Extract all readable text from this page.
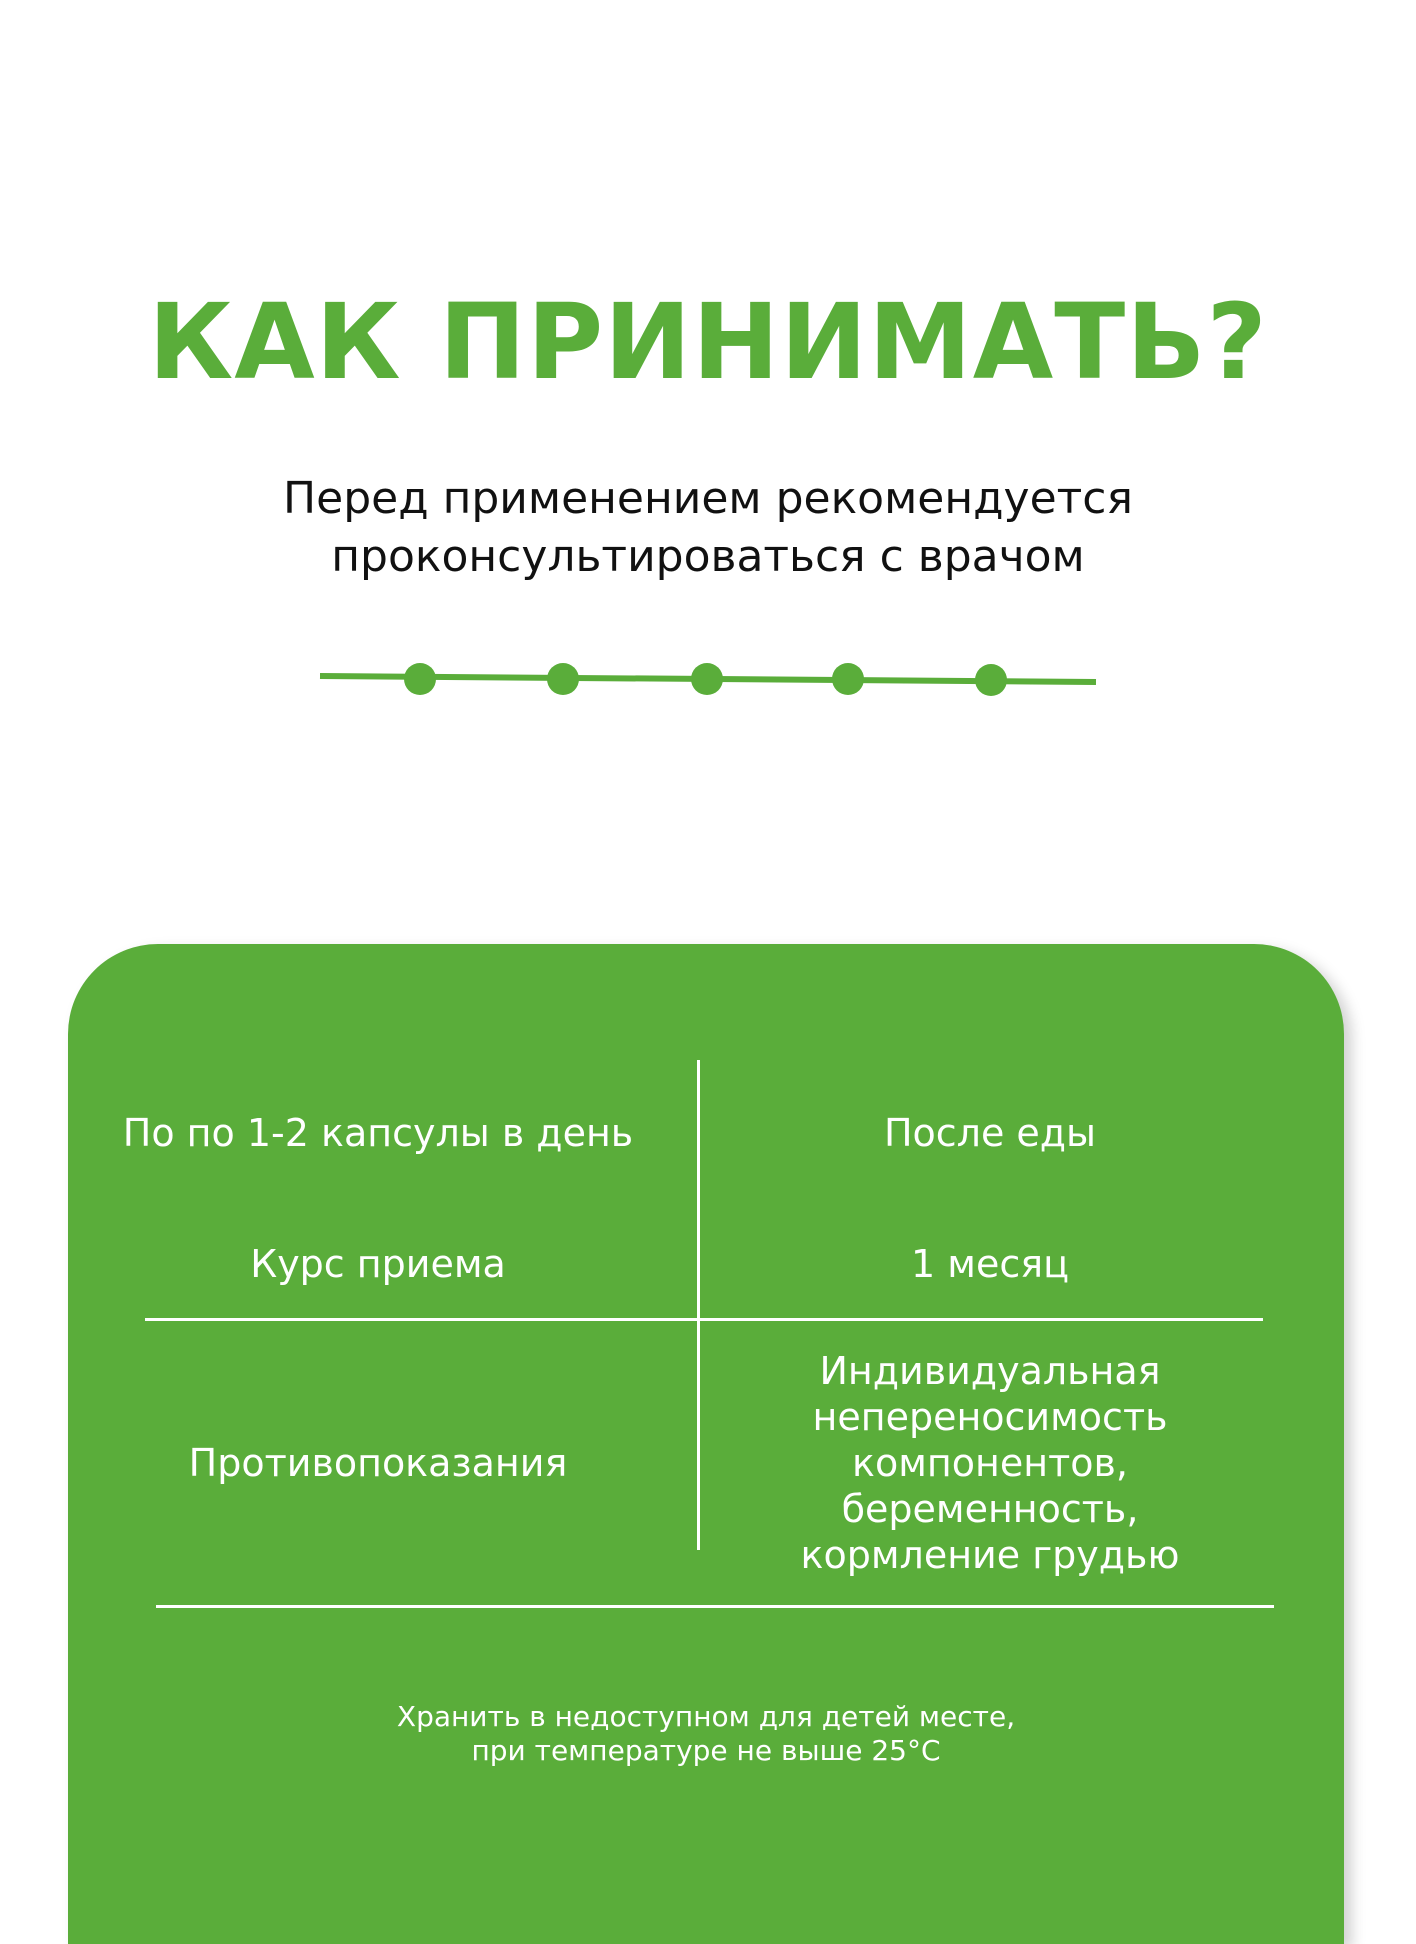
КАК ПРИНИМАТЬ?
Перед применением рекомендуется
проконсультироваться с врачом
По по 1-2 капсулы в день	После еды
Курс приема	1 месяц
Противопоказания
Индивидуальная
непереносимость
компонентов, беременность,
кормление грудью
Хранить в недоступном для детей месте,
при температуре не выше 25°C
